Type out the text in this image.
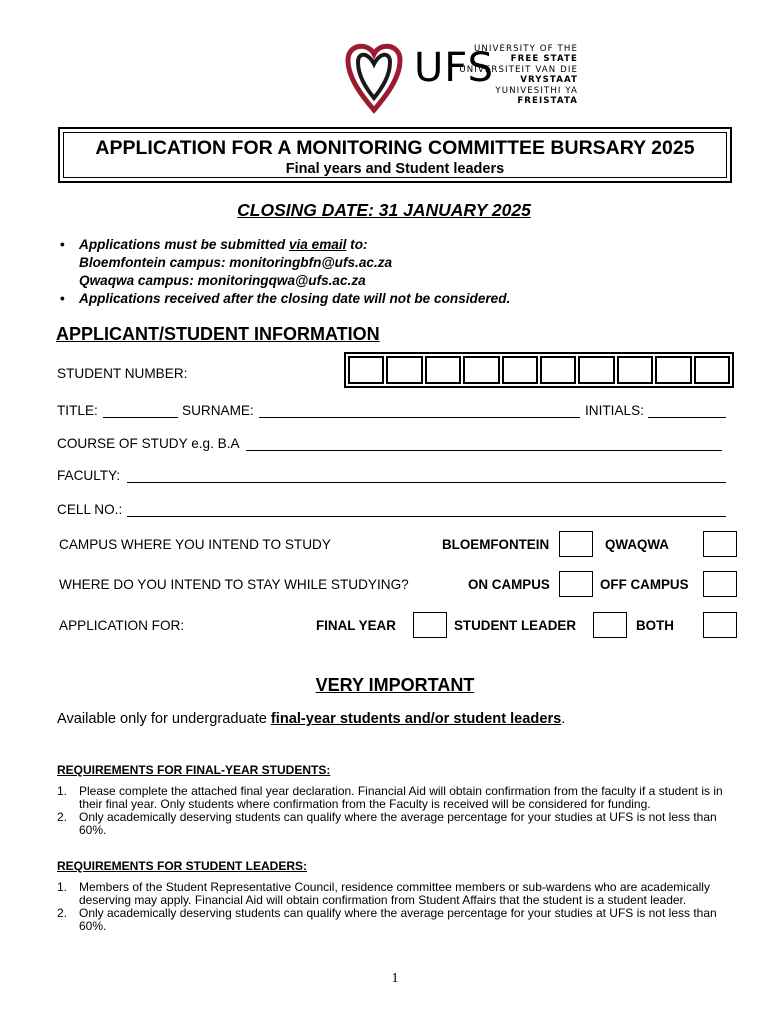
UNIVERSITY OF THE
FREE STATE
UNIVERSITEIT VAN DIE
VRYSTAAT
YUNIVESITHI YA
FREISTATA
UFS
APPLICATION FOR A MONITORING COMMITTEE BURSARY 2025
Final years and Student leaders
CLOSING DATE: 31 JANUARY 2025
• Applications must be submitted via email to:
Bloemfontein campus: monitoringbfn@ufs.ac.za
Qwaqwa campus: monitoringqwa@ufs.ac.za
• Applications received after the closing date will not be considered.
APPLICANT/STUDENT INFORMATION
STUDENT NUMBER:
TITLE:	SURNAME:	INITIALS:
COURSE OF STUDY e.g. B.A
FACULTY:
CELL NO.:
CAMPUS WHERE YOU INTEND TO STUDY	BLOEMFONTEIN	QWAQWA
WHERE DO YOU INTEND TO STAY WHILE STUDYING?	ON CAMPUS	OFF CAMPUS
APPLICATION FOR:	FINAL YEAR	STUDENT LEADER	BOTH
VERY IMPORTANT
Available only for undergraduate final-year students and/or student leaders.
REQUIREMENTS FOR FINAL-YEAR STUDENTS:
1. Please complete the attached final year declaration. Financial Aid will obtain confirmation from the faculty if a student is in their final year. Only students where confirmation from the Faculty is received will be considered for funding.
2. Only academically deserving students can qualify where the average percentage for your studies at UFS is not less than 60%.
REQUIREMENTS FOR STUDENT LEADERS:
1. Members of the Student Representative Council, residence committee members or sub-wardens who are academically deserving may apply. Financial Aid will obtain confirmation from Student Affairs that the student is a student leader.
2. Only academically deserving students can qualify where the average percentage for your studies at UFS is not less than 60%.
1
